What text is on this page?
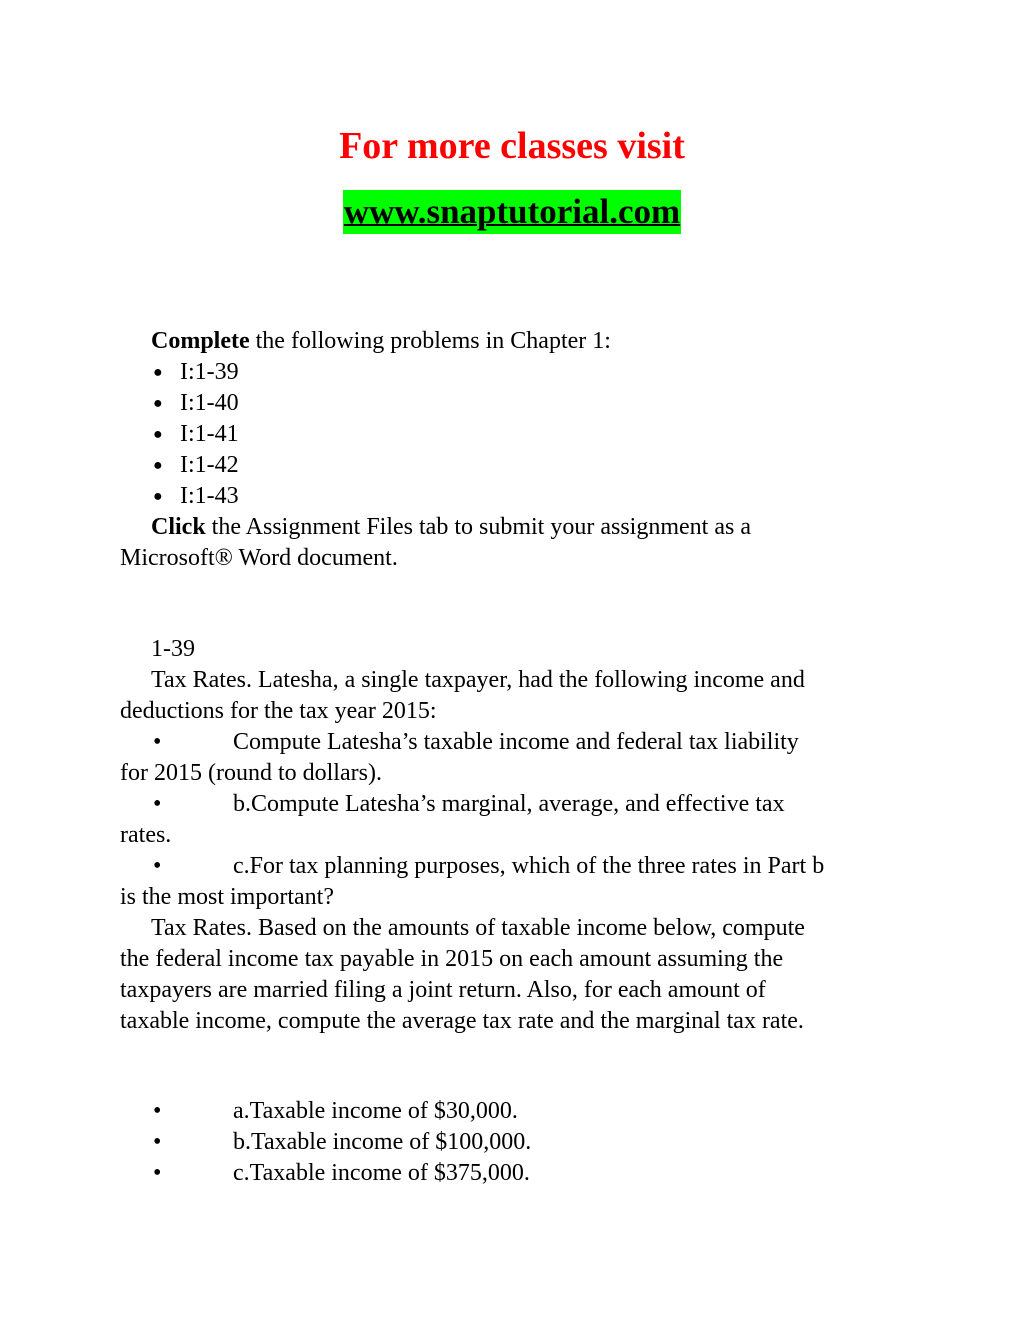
For more classes visit
www.snaptutorial.com
Complete the following problems in Chapter 1:
● I:1-39
● I:1-40
● I:1-41
● I:1-42
● I:1-43
Click the Assignment Files tab to submit your assignment as a
Microsoft® Word document.
1-39
Tax Rates. Latesha, a single taxpayer, had the following income and
deductions for the tax year 2015:
•	Compute Latesha’s taxable income and federal tax liability
for 2015 (round to dollars).
•	b.Compute Latesha’s marginal, average, and effective tax
rates.
•	c.For tax planning purposes, which of the three rates in Part b
is the most important?
Tax Rates. Based on the amounts of taxable income below, compute
the federal income tax payable in 2015 on each amount assuming the
taxpayers are married filing a joint return. Also, for each amount of
taxable income, compute the average tax rate and the marginal tax rate.
•	a.Taxable income of $30,000.
•	b.Taxable income of $100,000.
•	c.Taxable income of $375,000.
